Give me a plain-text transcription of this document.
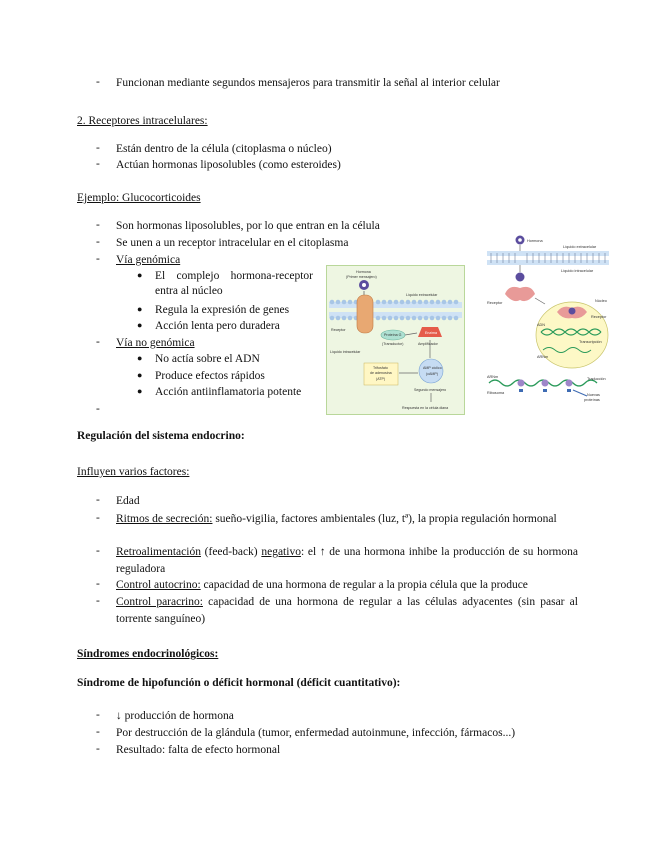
- Funcionan mediante segundos mensajeros para transmitir la señal al interior celular
2. Receptores intracelulares:
- Están dentro de la célula (citoplasma o núcleo)
- Actúan hormonas liposolubles (como esteroides)
Ejemplo: Glucocorticoides
- Son hormonas liposolubles, por lo que entran en la célula
- Se unen a un receptor intracelular en el citoplasma
- Vía genómica
● El complejo hormona-receptor entra al núcleo
● Regula la expresión de genes
● Acción lenta pero duradera
- Vía no genómica
● No actía sobre el ADN
● Produce efectos rápidos
● Acción antiinflamatoria potente
-
Hormona
(Primer mensajero)
Líquido extracelular
Receptor
Proteína G
(Transductor)
Enzima
Amplificador
Líquido intracelular
Trifosfato
de adenosina
(ATP)
AMP cíclico
(cAMP)
Segundo mensajero
Respuesta en la célula diana
Hormona
Líquido extracelular
Líquido intracelular
Receptor	Núcleo
Receptor
ADN
Transcripción
ARNm
ARNm	Traducción
Ribosoma	Nuevas
proteínas
Regulación del sistema endocrino:
Influyen varios factores:
- Edad
- Ritmos de secreción: sueño-vigilia, factores ambientales (luz, tª), la propia regulación hormonal
- Retroalimentación (feed-back) negativo: el ↑ de una hormona inhibe la producción de su hormona reguladora
- Control autocrino: capacidad de una hormona de regular a la propia célula que la produce
- Control paracrino: capacidad de una hormona de regular a las células adyacentes (sin pasar al torrente sanguíneo)
Síndromes endocrinológicos:
Síndrome de hipofunción o déficit hormonal (déficit cuantitativo):
- ↓ producción de hormona
- Por destrucción de la glándula (tumor, enfermedad autoinmune, infección, fármacos...)
- Resultado: falta de efecto hormonal
